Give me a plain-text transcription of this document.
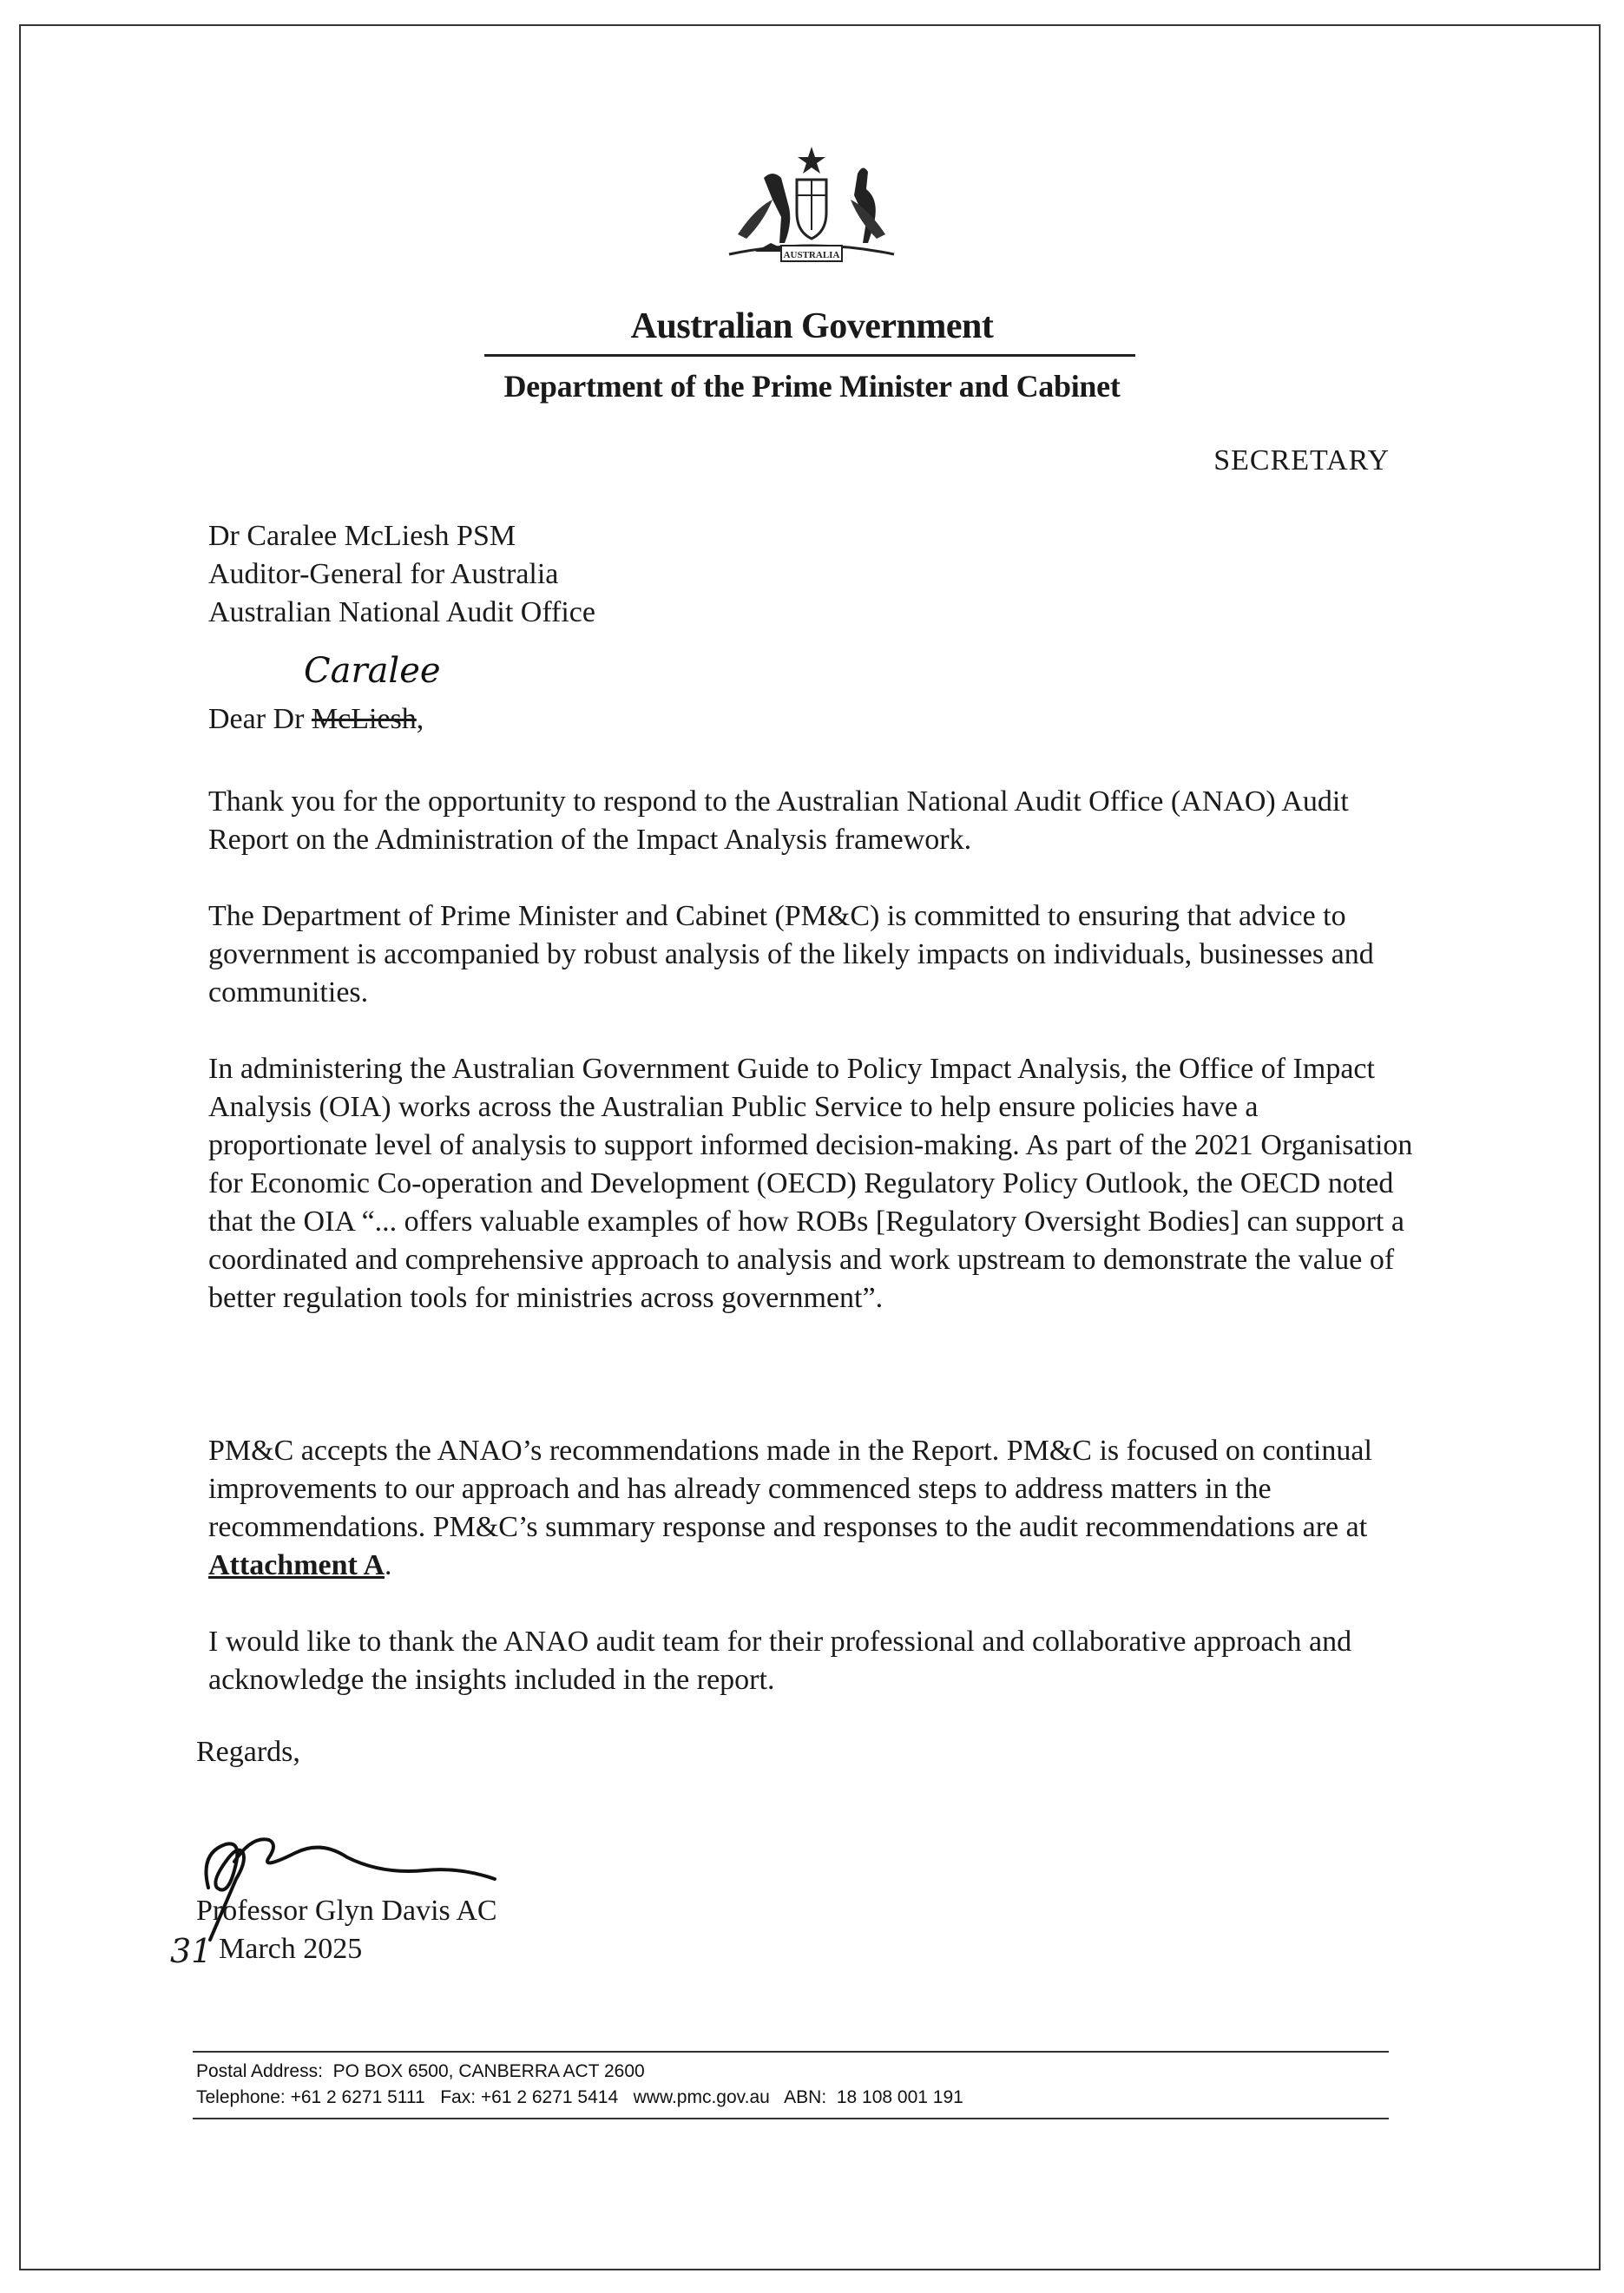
AUSTRALIA
Australian Government
Department of the Prime Minister and Cabinet
SECRETARY
Dr Caralee McLiesh PSM
Auditor-General for Australia
Australian National Audit Office
Caralee
Dear Dr McLiesh,
Thank you for the opportunity to respond to the Australian National Audit Office (ANAO) Audit Report on the Administration of the Impact Analysis framework.
The Department of Prime Minister and Cabinet (PM&C) is committed to ensuring that advice to government is accompanied by robust analysis of the likely impacts on individuals, businesses and communities.
In administering the Australian Government Guide to Policy Impact Analysis, the Office of Impact Analysis (OIA) works across the Australian Public Service to help ensure policies have a proportionate level of analysis to support informed decision-making. As part of the 2021 Organisation for Economic Co-operation and Development (OECD) Regulatory Policy Outlook, the OECD noted that the OIA “... offers valuable examples of how ROBs [Regulatory Oversight Bodies] can support a coordinated and comprehensive approach to analysis and work upstream to demonstrate the value of better regulation tools for ministries across government”.
PM&C accepts the ANAO’s recommendations made in the Report. PM&C is focused on continual improvements to our approach and has already commenced steps to address matters in the recommendations. PM&C’s summary response and responses to the audit recommendations are at Attachment A.
I would like to thank the ANAO audit team for their professional and collaborative approach and acknowledge the insights included in the report.
Regards,
Professor Glyn Davis AC
March 2025
31
Postal Address:  PO BOX 6500, CANBERRA ACT 2600
Telephone: +61 2 6271 5111   Fax: +61 2 6271 5414   www.pmc.gov.au   ABN:  18 108 001 191
